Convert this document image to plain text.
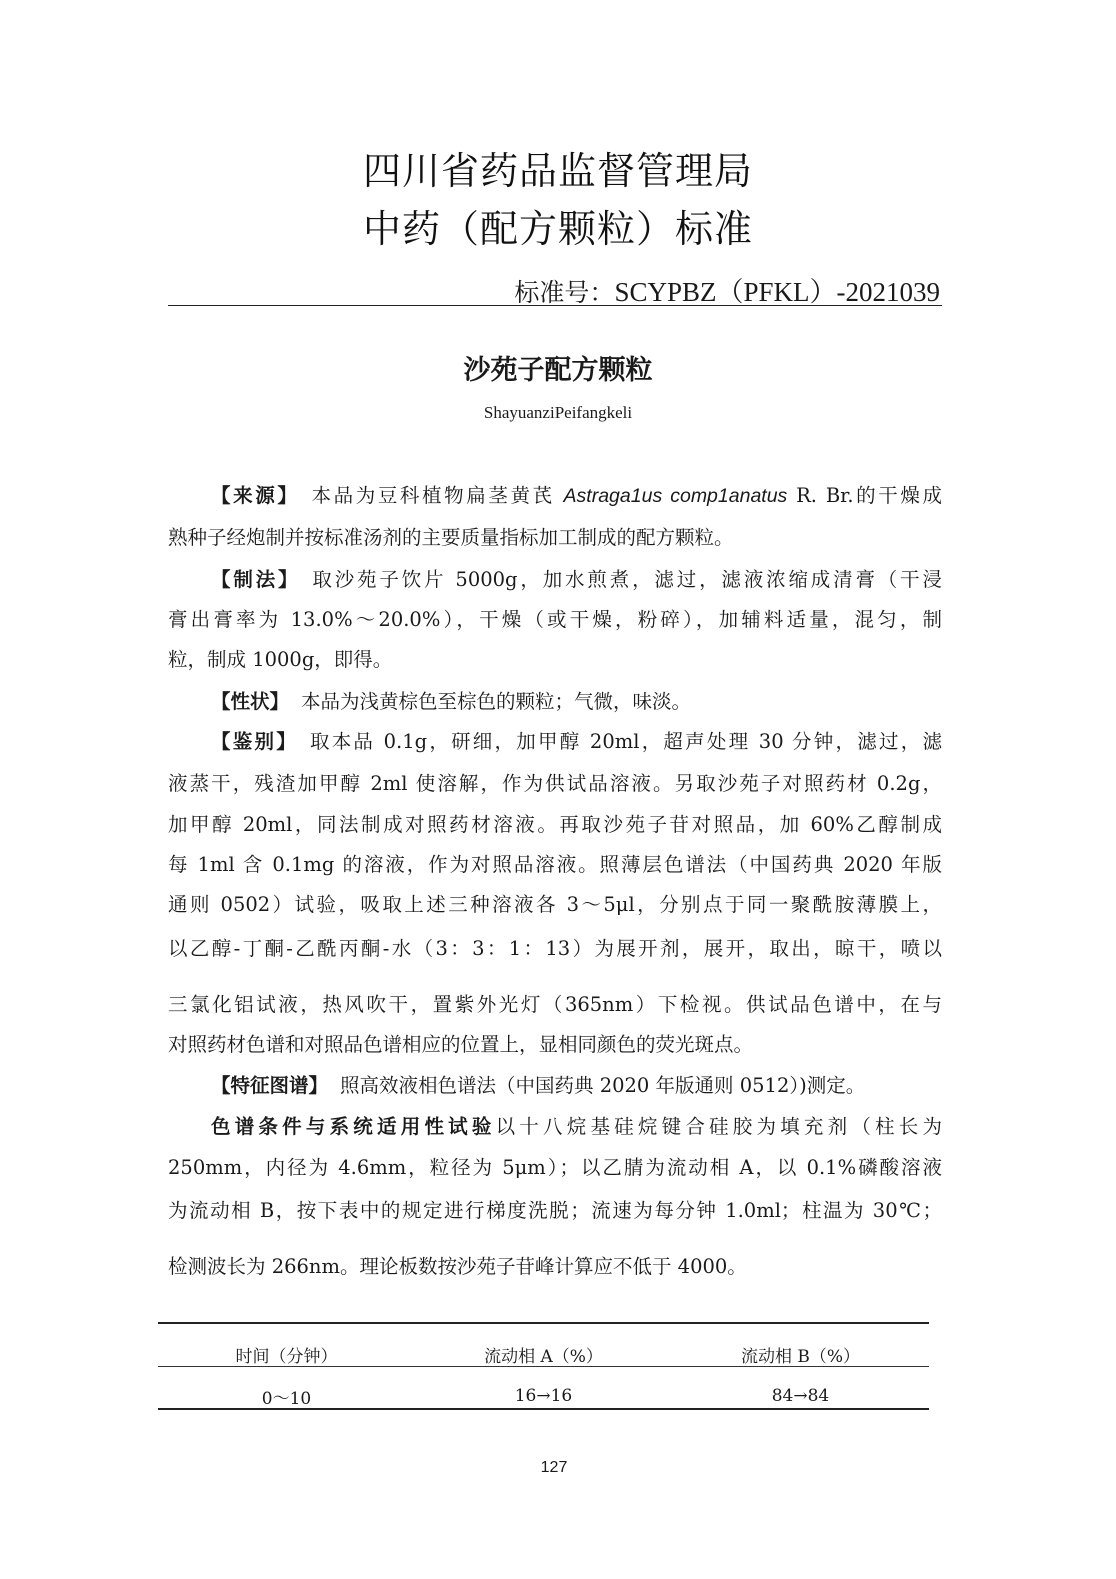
四川省药品监督管理局
中药（配方颗粒）标准
标准号：SCYPBZ（PFKL）-2021039
沙苑子配方颗粒
ShayuanziPeifangkeli
【来源】 本品为豆科植物扁茎黄芪 Astraga1us comp1anatus R. Br.的干燥成
熟种子经炮制并按标准汤剂的主要质量指标加工制成的配方颗粒。
【制法】 取沙苑子饮片 5000g，加水煎煮，滤过，滤液浓缩成清膏（干浸
膏出膏率为 13.0%～20.0%），干燥（或干燥，粉碎），加辅料适量，混匀，制
粒，制成 1000g，即得。
【性状】 本品为浅黄棕色至棕色的颗粒；气微，味淡。
【鉴别】 取本品 0.1g，研细，加甲醇 20ml，超声处理 30 分钟，滤过，滤
液蒸干，残渣加甲醇 2ml 使溶解，作为供试品溶液。另取沙苑子对照药材 0.2g，
加甲醇 20ml，同法制成对照药材溶液。再取沙苑子苷对照品，加 60%乙醇制成
每 1ml 含 0.1mg 的溶液，作为对照品溶液。照薄层色谱法（中国药典 2020 年版
通则 0502）试验，吸取上述三种溶液各 3～5μl，分别点于同一聚酰胺薄膜上，
以乙醇-丁酮-乙酰丙酮-水（3：3：1：13）为展开剂，展开，取出，晾干，喷以
三氯化铝试液，热风吹干，置紫外光灯（365nm）下检视。供试品色谱中，在与
对照药材色谱和对照品色谱相应的位置上，显相同颜色的荧光斑点。
【特征图谱】 照高效液相色谱法（中国药典 2020 年版通则 0512）)测定。
色谱条件与系统适用性试验以十八烷基硅烷键合硅胶为填充剂（柱长为
250mm，内径为 4.6mm，粒径为 5μm）；以乙腈为流动相 A，以 0.1%磷酸溶液
为流动相 B，按下表中的规定进行梯度洗脱；流速为每分钟 1.0ml；柱温为 30℃；
检测波长为 266nm。理论板数按沙苑子苷峰计算应不低于 4000。
时间（分钟）	流动相 A（%）	流动相 B（%）
0～10	16→16	84→84
127
